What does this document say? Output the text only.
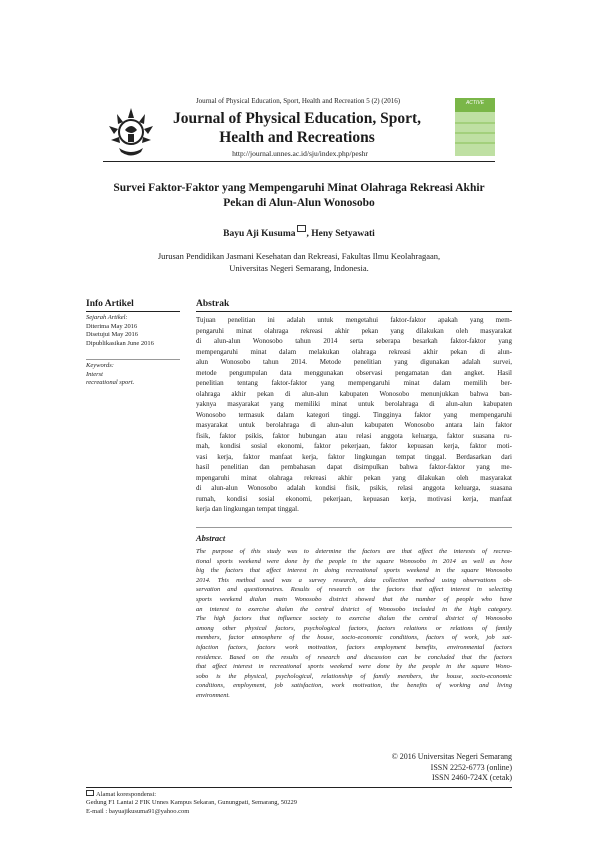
Journal of Physical Education, Sport, Health and Recreation 5 (2) (2016)
Journal of Physical Education, Sport,
Health and Recreations
http://journal.unnes.ac.id/sju/index.php/peshr
ACTIVE
Survei Faktor-Faktor yang Mempengaruhi Minat Olahraga Rekreasi Akhir
Pekan di Alun-Alun Wonosobo
Bayu Aji Kusuma , Heny Setyawati
Jurusan Pendidikan Jasmani Kesehatan dan Rekreasi, Fakultas Ilmu Keolahragaan,
Universitas Negeri Semarang, Indonesia.
Info Artikel
Sejarah Artikel:
Diterima May 2016
Disetujui May 2016
Dipublikasikan June 2016
Keywords:
Interst
recreational sport.
Abstrak
Tujuan penelitian ini adalah untuk mengetahui faktor-faktor apakah yang mem-
pengaruhi minat olahraga rekreasi akhir pekan yang dilakukan oleh masyarakat
di alun-alun Wonosobo tahun 2014 serta seberapa besarkah faktor-faktor yang
mempengaruhi minat dalam melakukan olahraga rekreasi akhir pekan di alun-
alun Wonosobo tahun 2014. Metode penelitian yang digunakan adalah survei,
metode pengumpulan data menggunakan observasi pengamatan dan angket. Hasil
penelitian tentang faktor-faktor yang mempengaruhi minat dalam memilih ber-
olahraga akhir pekan di alun-alun kabupaten Wonosobo menunjukkan bahwa ban-
yaknya masyarakat yang memiliki minat untuk berolahraga di alun-alun kabupaten
Wonosobo termasuk dalam kategori tinggi. Tingginya faktor yang mempengaruhi
masyarakat untuk berolahraga di alun-alun kabupaten Wonosobo antara lain faktor
fisik, faktor psikis, faktor hubungan atau relasi anggota keluarga, faktor suasana ru-
mah, kondisi sosial ekonomi, faktor pekerjaan, faktor kepuasan kerja, faktor moti-
vasi kerja, faktor manfaat kerja, faktor lingkungan tempat tinggal. Berdasarkan dari
hasil penelitian dan pembahasan dapat disimpulkan bahwa faktor-faktor yang me-
mpengaruhi minat olahraga rekreasi akhir pekan yang dilakukan oleh masyarakat
di alun-alun Wonosobo adalah kondisi fisik, psikis, relasi anggota keluarga, suasana
rumah, kondisi sosial ekonomi, pekerjaan, kepuasan kerja, motivasi kerja, manfaat
kerja dan lingkungan tempat tinggal.
Abstract
The purpose of this study was to determine the factors are that affect the interests of recrea-
tional sports weekend were done by the people in the square Wonosobo in 2014 as well as how
big the factors that affect interest in doing recreational sports weekend in the square Wonosobo
2014. This method used was a survey research, data collection method using observations ob-
servation and questionnaires. Results of research on the factors that affect interest in selecting
sports weekend dialun main Wonosobo district showed that the number of people who have
an interest to exercise dialun the central district of Wonosobo included in the high category.
The high factors that influence society to exercise dialun the central district of Wonosobo
among other physical factors, psychological factors, factors relations or relations of family
members, factor atmosphere of the house, socio-economic conditions, factors of work, job sat-
isfaction factors, factors work motivation, factors employment benefits, environmental factors
residence. Based on the results of research and discussion can be concluded that the factors
that affect interest in recreational sports weekend were done by the people in the square Wono-
sobo is the physical, psychological, relationship of family members, the house, socio-economic
conditions, employment, job satisfaction, work motivation, the benefits of working and living
environment.
© 2016 Universitas Negeri Semarang
ISSN 2252-6773 (online)
ISSN 2460-724X (cetak)
Alamat korespondensi:
Gedung F1 Lantai 2 FIK Unnes Kampus Sekaran, Gunungpati, Semarang, 50229
E-mail : bayuajikusuma91@yahoo.com
